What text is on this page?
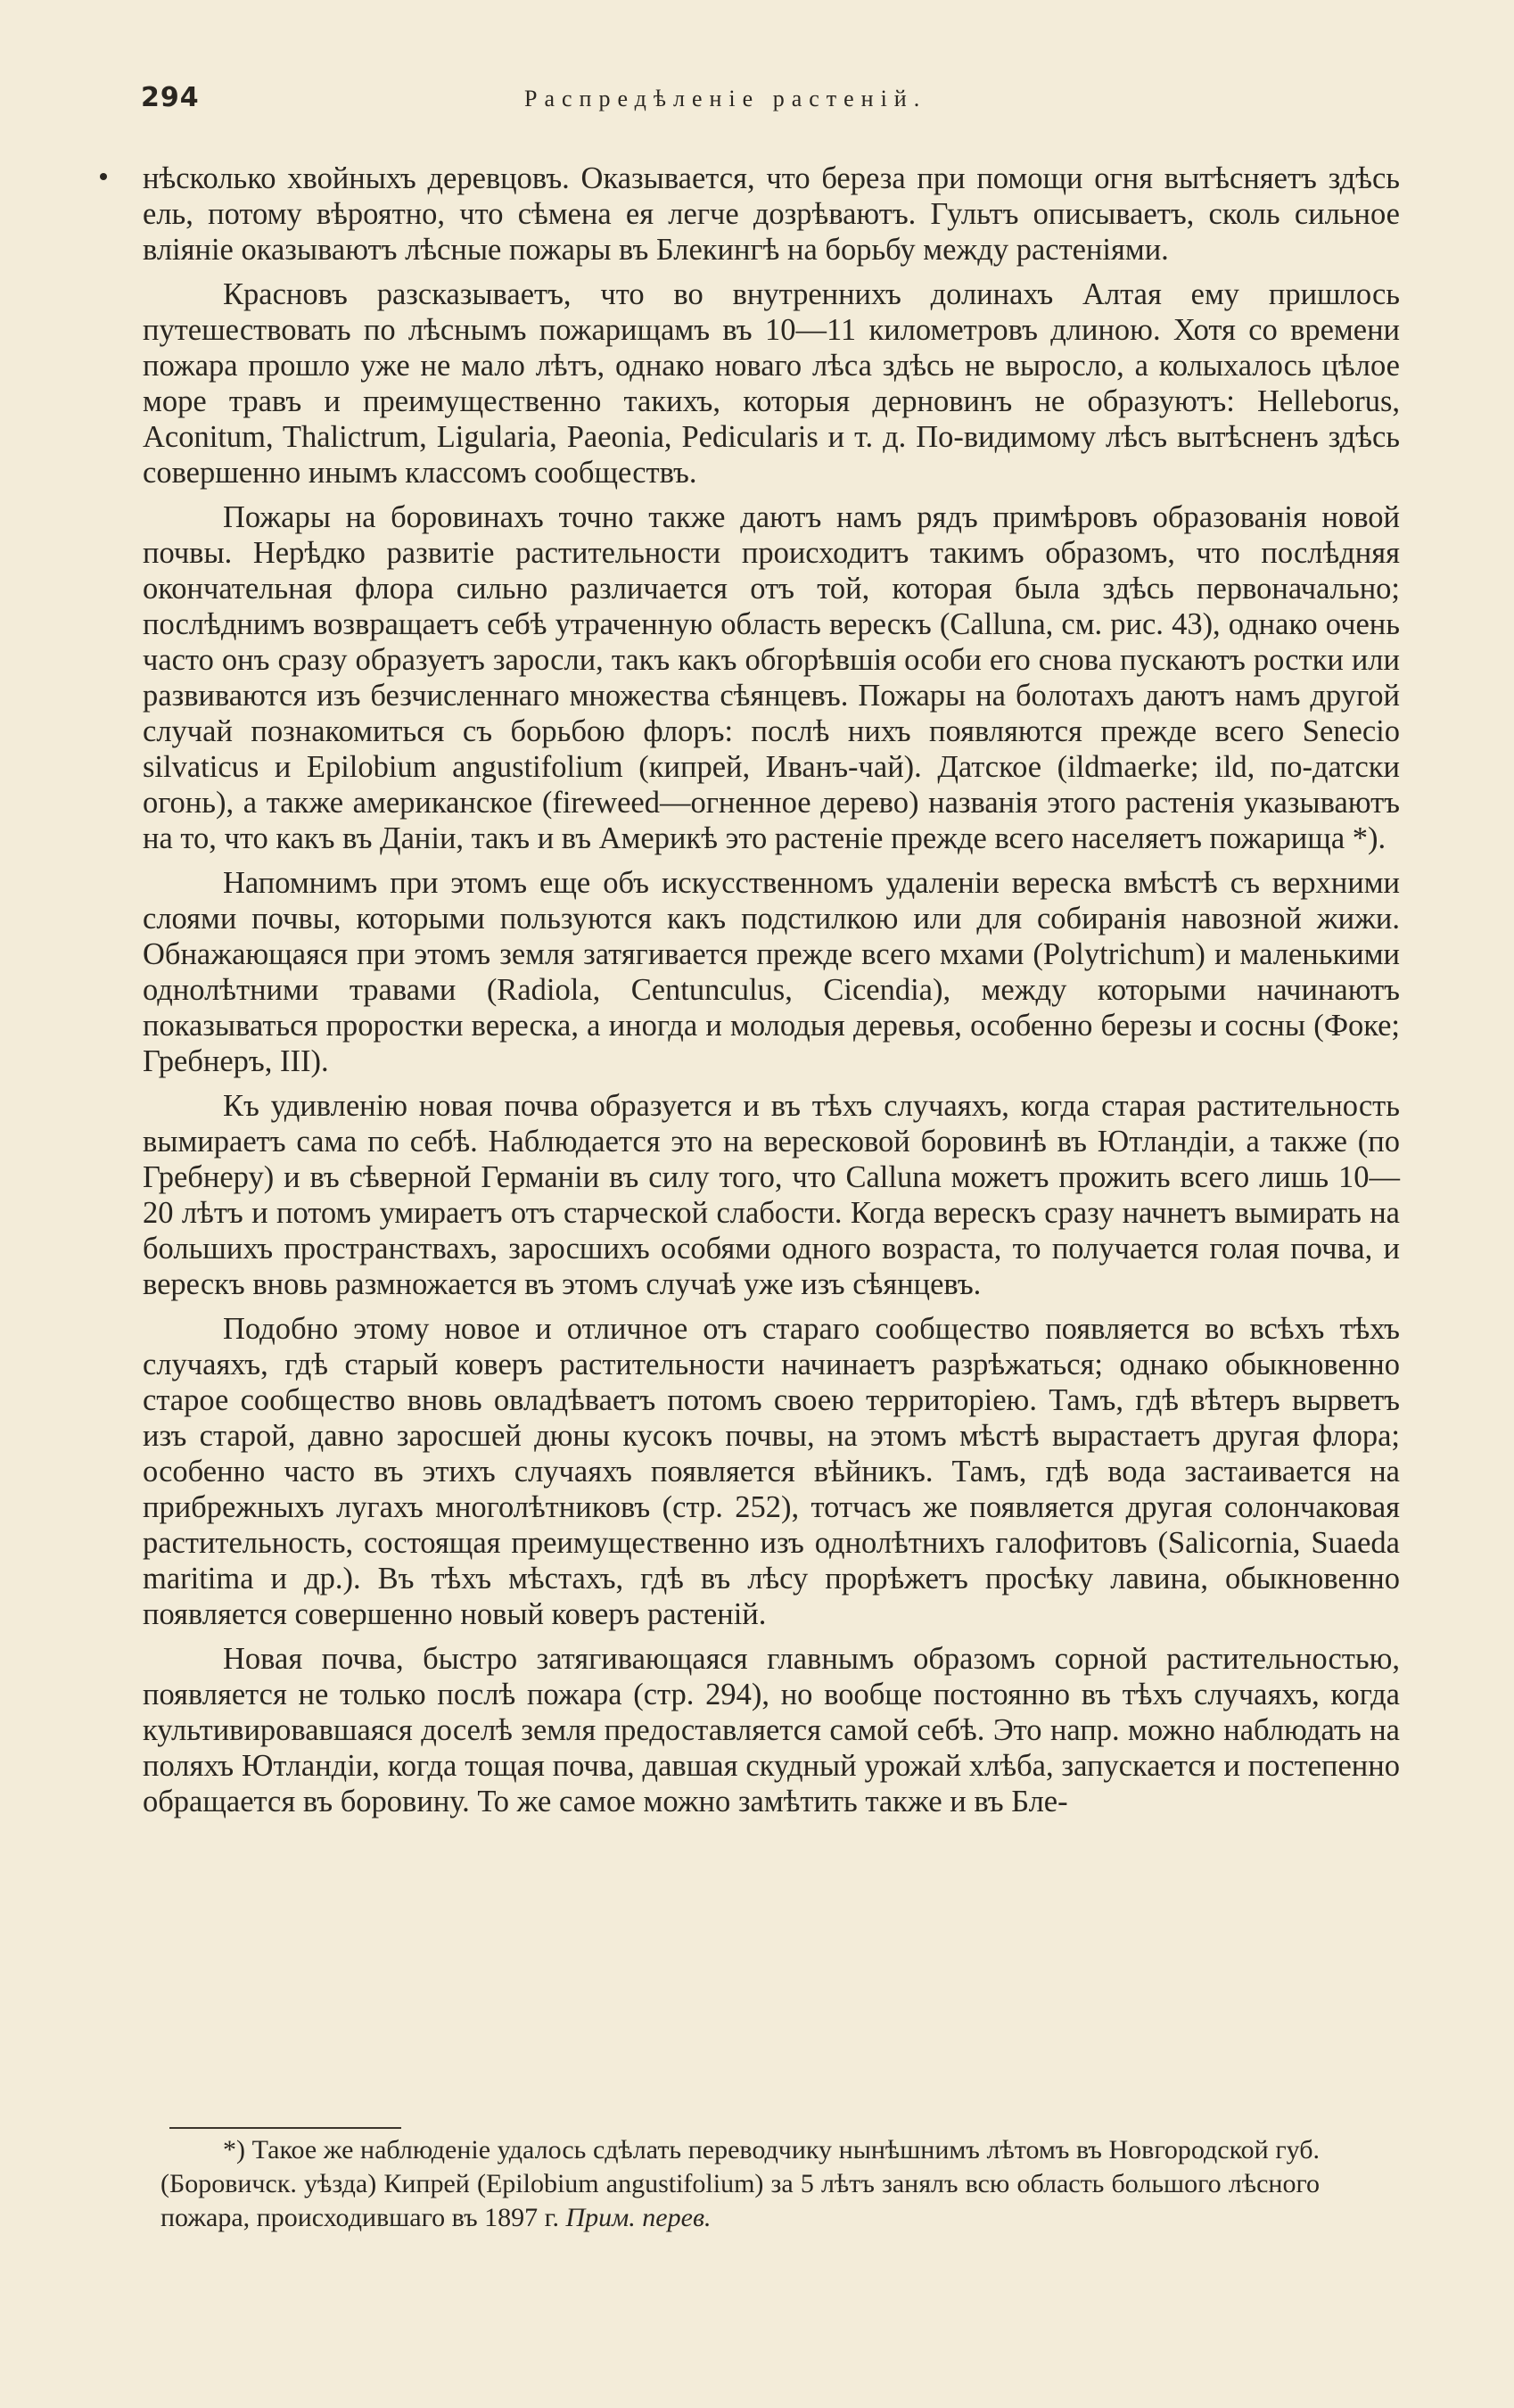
294	Распредѣленіе растеній.

нѣсколько хвойныхъ деревцовъ. Оказывается, что береза при помощи огня вытѣсняетъ здѣсь ель, потому вѣроятно, что сѣмена ея легче дозрѣваютъ. Гультъ описываетъ, сколь сильное вліяніе оказываютъ лѣсные пожары въ Блекингѣ на борьбу между растеніями.

Красновъ разсказываетъ, что во внутреннихъ долинахъ Алтая ему пришлось путешествовать по лѣснымъ пожарищамъ въ 10—11 километровъ длиною. Хотя со времени пожара прошло уже не мало лѣтъ, однако новаго лѣса здѣсь не выросло, а колыхалось цѣлое море травъ и преимущественно такихъ, которыя дерновинъ не образуютъ: Helleborus, Aconitum, Thalictrum, Ligularia, Paeonia, Pedicularis и т. д. По-видимому лѣсъ вытѣсненъ здѣсь совершенно инымъ классомъ сообществъ.

Пожары на боровинахъ точно также даютъ намъ рядъ примѣровъ образованія новой почвы. Нерѣдко развитіе растительности происходитъ такимъ образомъ, что послѣдняя окончательная флора сильно различается отъ той, которая была здѣсь первоначально; послѣднимъ возвращаетъ себѣ утраченную область верескъ (Calluna, см. рис. 43), однако очень часто онъ сразу образуетъ заросли, такъ какъ обгорѣвшія особи его снова пускаютъ ростки или развиваются изъ безчисленнаго множества сѣянцевъ. Пожары на болотахъ даютъ намъ другой случай познакомиться съ борьбою флоръ: послѣ нихъ появляются прежде всего Senecio silvaticus и Epilobium angustifolium (кипрей, Иванъ-чай). Датское (ildmaerke; ild, по-датски огонь), а также американское (fireweed—огненное дерево) названія этого растенія указываютъ на то, что какъ въ Даніи, такъ и въ Америкѣ это растеніе прежде всего населяетъ пожарища *).

Напомнимъ при этомъ еще объ искусственномъ удаленіи вереска вмѣстѣ съ верхними слоями почвы, которыми пользуются какъ подстилкою или для собиранія навозной жижи. Обнажающаяся при этомъ земля затягивается прежде всего мхами (Polytrichum) и маленькими однолѣтними травами (Radiola, Centunculus, Cicendia), между которыми начинаютъ показываться проростки вереска, а иногда и молодыя деревья, особенно березы и сосны (Фоке; Гребнеръ, III).

Къ удивленію новая почва образуется и въ тѣхъ случаяхъ, когда старая растительность вымираетъ сама по себѣ. Наблюдается это на вересковой боровинѣ въ Ютландіи, а также (по Гребнеру) и въ сѣверной Германіи въ силу того, что Calluna можетъ прожить всего лишь 10—20 лѣтъ и потомъ умираетъ отъ старческой слабости. Когда верескъ сразу начнетъ вымирать на большихъ пространствахъ, заросшихъ особями одного возраста, то получается голая почва, и верескъ вновь размножается въ этомъ случаѣ уже изъ сѣянцевъ.

Подобно этому новое и отличное отъ стараго сообщество появляется во всѣхъ тѣхъ случаяхъ, гдѣ старый коверъ растительности начинаетъ разрѣжаться; однако обыкновенно старое сообщество вновь овладѣваетъ потомъ своею территоріею. Тамъ, гдѣ вѣтеръ вырветъ изъ старой, давно заросшей дюны кусокъ почвы, на этомъ мѣстѣ вырастаетъ другая флора; особенно часто въ этихъ случаяхъ появляется вѣйникъ. Тамъ, гдѣ вода застаивается на прибрежныхъ лугахъ многолѣтниковъ (стр. 252), тотчасъ же появляется другая солончаковая растительность, состоящая преимущественно изъ однолѣтнихъ галофитовъ (Salicornia, Suaeda maritima и др.). Въ тѣхъ мѣстахъ, гдѣ въ лѣсу прорѣжетъ просѣку лавина, обыкновенно появляется совершенно новый коверъ растеній.

Новая почва, быстро затягивающаяся главнымъ образомъ сорной растительностью, появляется не только послѣ пожара (стр. 294), но вообще постоянно въ тѣхъ случаяхъ, когда культивировавшаяся доселѣ земля предоставляется самой себѣ. Это напр. можно наблюдать на поляхъ Ютландіи, когда тощая почва, давшая скудный урожай хлѣба, запускается и постепенно обращается въ боровину. То же самое можно замѣтить также и въ Бле-

*) Такое же наблюденіе удалось сдѣлать переводчику нынѣшнимъ лѣтомъ въ Новгородской губ. (Боровичск. уѣзда) Кипрей (Epilobium angustifolium) за 5 лѣтъ занялъ всю область большого лѣсного пожара, происходившаго въ 1897 г. Прим. перев.
